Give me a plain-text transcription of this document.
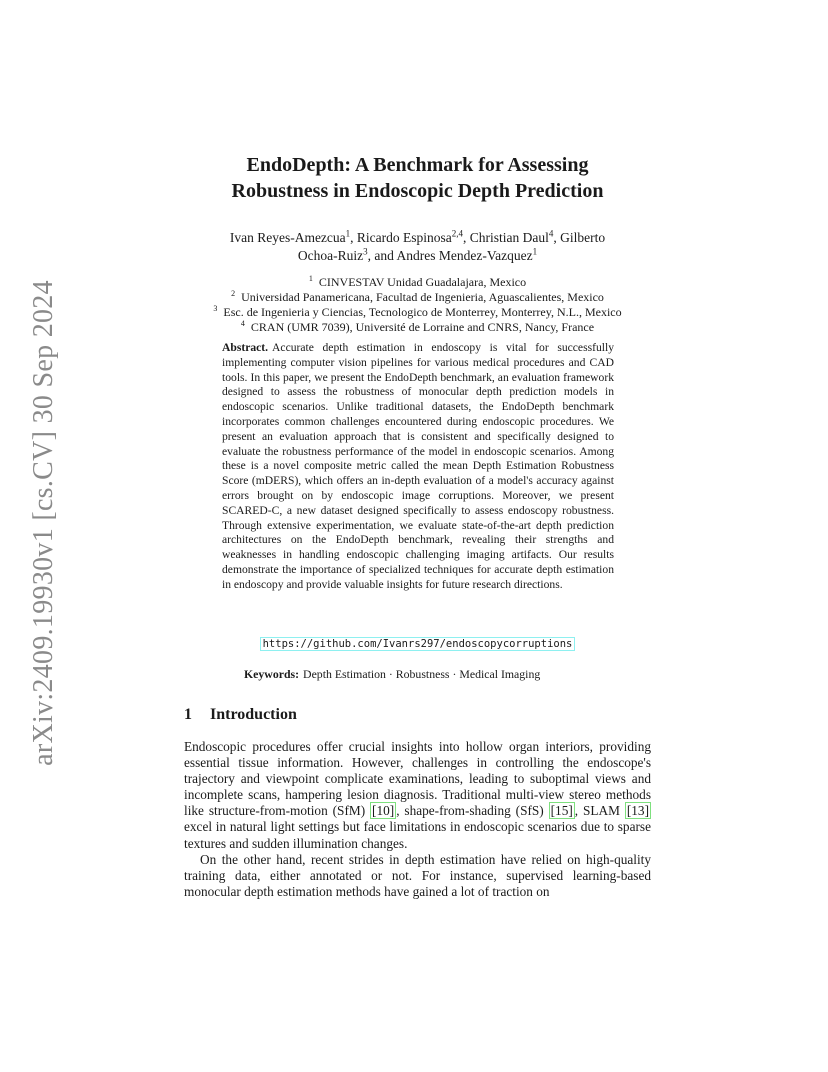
arXiv:2409.19930v1 [cs.CV] 30 Sep 2024
EndoDepth: A Benchmark for Assessing
Robustness in Endoscopic Depth Prediction
Ivan Reyes-Amezcua$^1$, Ricardo Espinosa$^{2,4}$, Christian Daul$^4$, Gilberto
Ochoa-Ruiz$^3$, and Andres Mendez-Vazquez$^1$
$^1$ CINVESTAV Unidad Guadalajara, Mexico
$^2$ Universidad Panamericana, Facultad de Ingenieria, Aguascalientes, Mexico
$^3$ Esc. de Ingenieria y Ciencias, Tecnologico de Monterrey, Monterrey, N.L., Mexico
$^4$ CRAN (UMR 7039), Université de Lorraine and CNRS, Nancy, France
Abstract. Accurate depth estimation in endoscopy is vital for successfully implementing computer vision pipelines for various medical procedures and CAD tools. In this paper, we present the EndoDepth benchmark, an evaluation framework designed to assess the robustness of monocular depth prediction models in endoscopic scenarios. Unlike traditional datasets, the EndoDepth benchmark incorporates common challenges encountered during endoscopic procedures. We present an evaluation approach that is consistent and specifically designed to evaluate the robustness performance of the model in endoscopic scenarios. Among these is a novel composite metric called the mean Depth Estimation Robustness Score (mDERS), which offers an in-depth evaluation of a model's accuracy against errors brought on by endoscopic image corruptions. Moreover, we present SCARED-C, a new dataset designed specifically to assess endoscopy robustness. Through extensive experimentation, we evaluate state-of-the-art depth prediction architectures on the EndoDepth benchmark, revealing their strengths and weaknesses in handling endoscopic challenging imaging artifacts. Our results demonstrate the importance of specialized techniques for accurate depth estimation in endoscopy and provide valuable insights for future research directions.
https://github.com/Ivanrs297/endoscopycorruptions
Keywords: Depth Estimation · Robustness · Medical Imaging
1 Introduction

Endoscopic procedures offer crucial insights into hollow organ interiors, providing essential tissue information. However, challenges in controlling the endoscope's trajectory and viewpoint complicate examinations, leading to suboptimal views and incomplete scans, hampering lesion diagnosis. Traditional multi-view stereo methods like structure-from-motion (SfM) [10] , shape-from-shading (SfS) [15] , SLAM [13] excel in natural light settings but face limitations in endoscopic scenarios due to sparse textures and sudden illumination changes.

On the other hand, recent strides in depth estimation have relied on high-quality training data, either annotated or not. For instance, supervised learning-based monocular depth estimation methods have gained a lot of traction on
